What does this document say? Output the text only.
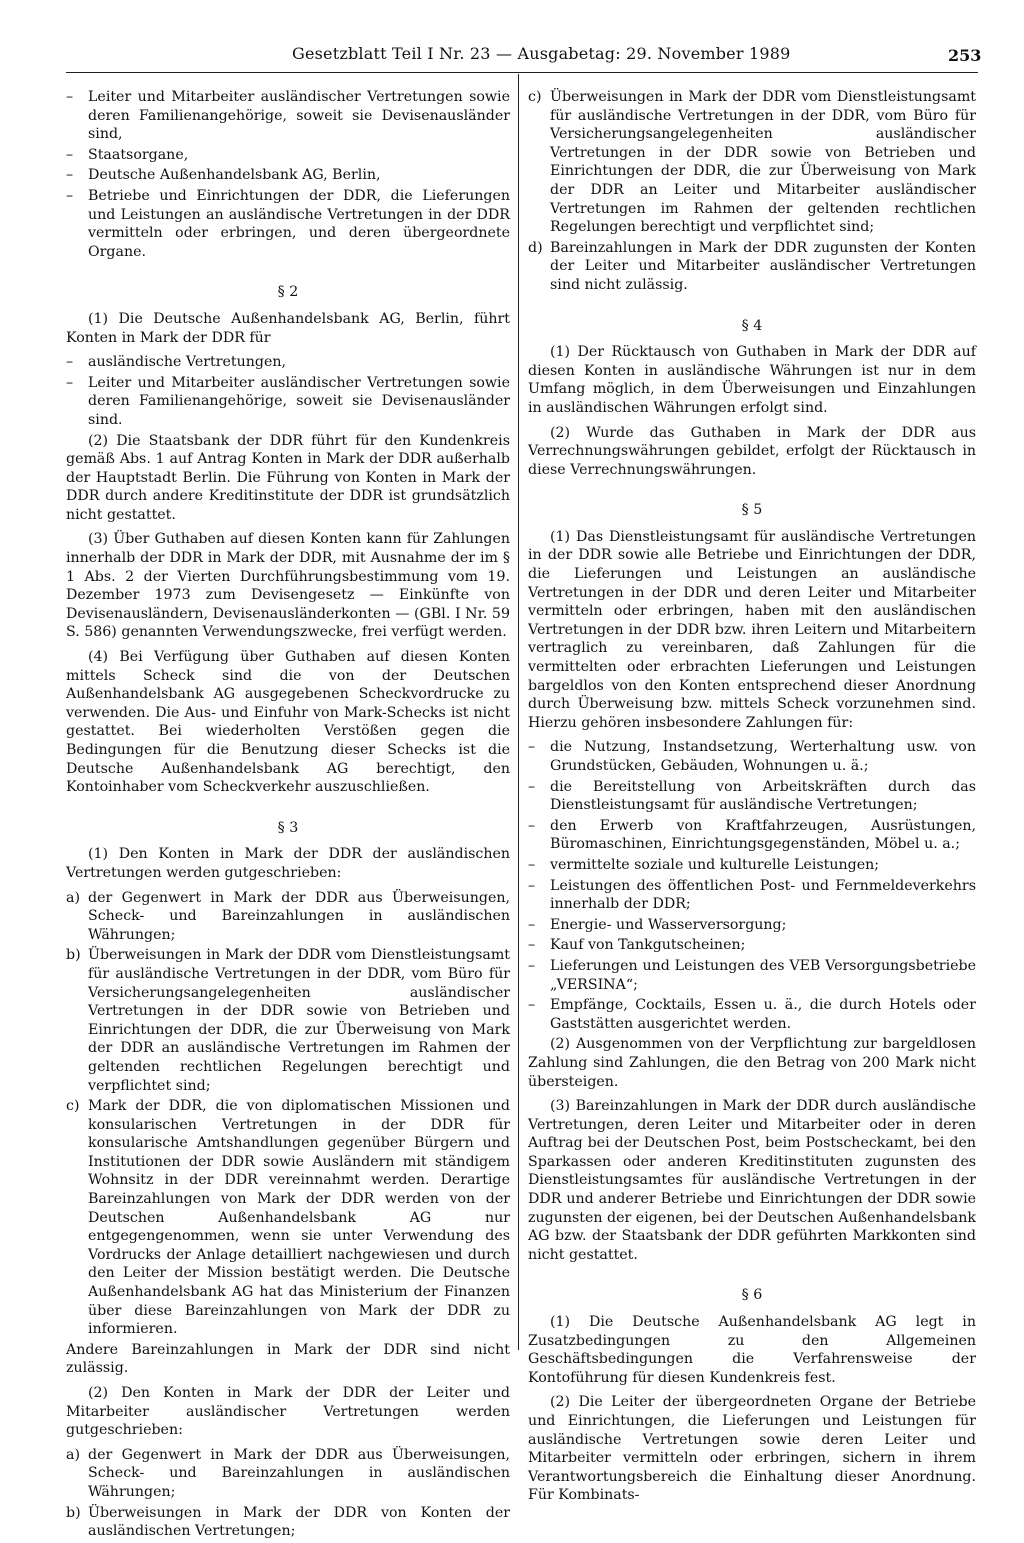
Gesetzblatt Teil I Nr. 23 — Ausgabetag: 29. November 1989	253

– Leiter und Mitarbeiter ausländischer Vertretungen sowie deren Familienangehörige, soweit sie Devisenausländer sind,

– Staatsorgane,

– Deutsche Außenhandelsbank AG, Berlin,

– Betriebe und Einrichtungen der DDR, die Lieferungen und Leistungen an ausländische Vertretungen in der DDR vermitteln oder erbringen, und deren übergeordnete Organe.

§ 2

(1) Die Deutsche Außenhandelsbank AG, Berlin, führt Konten in Mark der DDR für

– ausländische Vertretungen,

– Leiter und Mitarbeiter ausländischer Vertretungen sowie deren Familienangehörige, soweit sie Devisenausländer sind.

(2) Die Staatsbank der DDR führt für den Kundenkreis gemäß Abs. 1 auf Antrag Konten in Mark der DDR außerhalb der Hauptstadt Berlin. Die Führung von Konten in Mark der DDR durch andere Kreditinstitute der DDR ist grundsätzlich nicht gestattet.

(3) Über Guthaben auf diesen Konten kann für Zahlungen innerhalb der DDR in Mark der DDR, mit Ausnahme der im § 1 Abs. 2 der Vierten Durchführungsbestimmung vom 19. Dezember 1973 zum Devisengesetz — Einkünfte von Devisenausländern, Devisenausländerkonten — (GBl. I Nr. 59 S. 586) genannten Verwendungszwecke, frei verfügt werden.

(4) Bei Verfügung über Guthaben auf diesen Konten mittels Scheck sind die von der Deutschen Außenhandelsbank AG ausgegebenen Scheckvordrucke zu verwenden. Die Aus- und Einfuhr von Mark-Schecks ist nicht gestattet. Bei wiederholten Verstößen gegen die Bedingungen für die Benutzung dieser Schecks ist die Deutsche Außenhandelsbank AG berechtigt, den Kontoinhaber vom Scheckverkehr auszuschließen.

§ 3

(1) Den Konten in Mark der DDR der ausländischen Vertretungen werden gutgeschrieben:

a) der Gegenwert in Mark der DDR aus Überweisungen, Scheck- und Bareinzahlungen in ausländischen Währungen;

b) Überweisungen in Mark der DDR vom Dienstleistungsamt für ausländische Vertretungen in der DDR, vom Büro für Versicherungsangelegenheiten ausländischer Vertretungen in der DDR sowie von Betrieben und Einrichtungen der DDR, die zur Überweisung von Mark der DDR an ausländische Vertretungen im Rahmen der geltenden rechtlichen Regelungen berechtigt und verpflichtet sind;

c) Mark der DDR, die von diplomatischen Missionen und konsularischen Vertretungen in der DDR für konsularische Amtshandlungen gegenüber Bürgern und Institutionen der DDR sowie Ausländern mit ständigem Wohnsitz in der DDR vereinnahmt werden. Derartige Bareinzahlungen von Mark der DDR werden von der Deutschen Außenhandelsbank AG nur entgegengenommen, wenn sie unter Verwendung des Vordrucks der Anlage detailliert nachgewiesen und durch den Leiter der Mission bestätigt werden. Die Deutsche Außenhandelsbank AG hat das Ministerium der Finanzen über diese Bareinzahlungen von Mark der DDR zu informieren.

Andere Bareinzahlungen in Mark der DDR sind nicht zulässig.

(2) Den Konten in Mark der DDR der Leiter und Mitarbeiter ausländischer Vertretungen werden gutgeschrieben:

a) der Gegenwert in Mark der DDR aus Überweisungen, Scheck- und Bareinzahlungen in ausländischen Währungen;

b) Überweisungen in Mark der DDR von Konten der ausländischen Vertretungen;

c) Überweisungen in Mark der DDR vom Dienstleistungsamt für ausländische Vertretungen in der DDR, vom Büro für Versicherungsangelegenheiten ausländischer Vertretungen in der DDR sowie von Betrieben und Einrichtungen der DDR, die zur Überweisung von Mark der DDR an Leiter und Mitarbeiter ausländischer Vertretungen im Rahmen der geltenden rechtlichen Regelungen berechtigt und verpflichtet sind;

d) Bareinzahlungen in Mark der DDR zugunsten der Konten der Leiter und Mitarbeiter ausländischer Vertretungen sind nicht zulässig.

§ 4

(1) Der Rücktausch von Guthaben in Mark der DDR auf diesen Konten in ausländische Währungen ist nur in dem Umfang möglich, in dem Überweisungen und Einzahlungen in ausländischen Währungen erfolgt sind.

(2) Wurde das Guthaben in Mark der DDR aus Verrechnungswährungen gebildet, erfolgt der Rücktausch in diese Verrechnungswährungen.

§ 5

(1) Das Dienstleistungsamt für ausländische Vertretungen in der DDR sowie alle Betriebe und Einrichtungen der DDR, die Lieferungen und Leistungen an ausländische Vertretungen in der DDR und deren Leiter und Mitarbeiter vermitteln oder erbringen, haben mit den ausländischen Vertretungen in der DDR bzw. ihren Leitern und Mitarbeitern vertraglich zu vereinbaren, daß Zahlungen für die vermittelten oder erbrachten Lieferungen und Leistungen bargeldlos von den Konten entsprechend dieser Anordnung durch Überweisung bzw. mittels Scheck vorzunehmen sind. Hierzu gehören insbesondere Zahlungen für:

– die Nutzung, Instandsetzung, Werterhaltung usw. von Grundstücken, Gebäuden, Wohnungen u. ä.;

– die Bereitstellung von Arbeitskräften durch das Dienstleistungsamt für ausländische Vertretungen;

– den Erwerb von Kraftfahrzeugen, Ausrüstungen, Büromaschinen, Einrichtungsgegenständen, Möbel u. a.;

– vermittelte soziale und kulturelle Leistungen;

– Leistungen des öffentlichen Post- und Fernmeldeverkehrs innerhalb der DDR;

– Energie- und Wasserversorgung;

– Kauf von Tankgutscheinen;

– Lieferungen und Leistungen des VEB Versorgungsbetriebe „VERSINA“;

– Empfänge, Cocktails, Essen u. ä., die durch Hotels oder Gaststätten ausgerichtet werden.

(2) Ausgenommen von der Verpflichtung zur bargeldlosen Zahlung sind Zahlungen, die den Betrag von 200 Mark nicht übersteigen.

(3) Bareinzahlungen in Mark der DDR durch ausländische Vertretungen, deren Leiter und Mitarbeiter oder in deren Auftrag bei der Deutschen Post, beim Postscheckamt, bei den Sparkassen oder anderen Kreditinstituten zugunsten des Dienstleistungsamtes für ausländische Vertretungen in der DDR und anderer Betriebe und Einrichtungen der DDR sowie zugunsten der eigenen, bei der Deutschen Außenhandelsbank AG bzw. der Staatsbank der DDR geführten Markkonten sind nicht gestattet.

§ 6

(1) Die Deutsche Außenhandelsbank AG legt in Zusatzbedingungen zu den Allgemeinen Geschäftsbedingungen die Verfahrensweise der Kontoführung für diesen Kundenkreis fest.

(2) Die Leiter der übergeordneten Organe der Betriebe und Einrichtungen, die Lieferungen und Leistungen für ausländische Vertretungen sowie deren Leiter und Mitarbeiter vermitteln oder erbringen, sichern in ihrem Verantwortungsbereich die Einhaltung dieser Anordnung. Für Kombinats-
